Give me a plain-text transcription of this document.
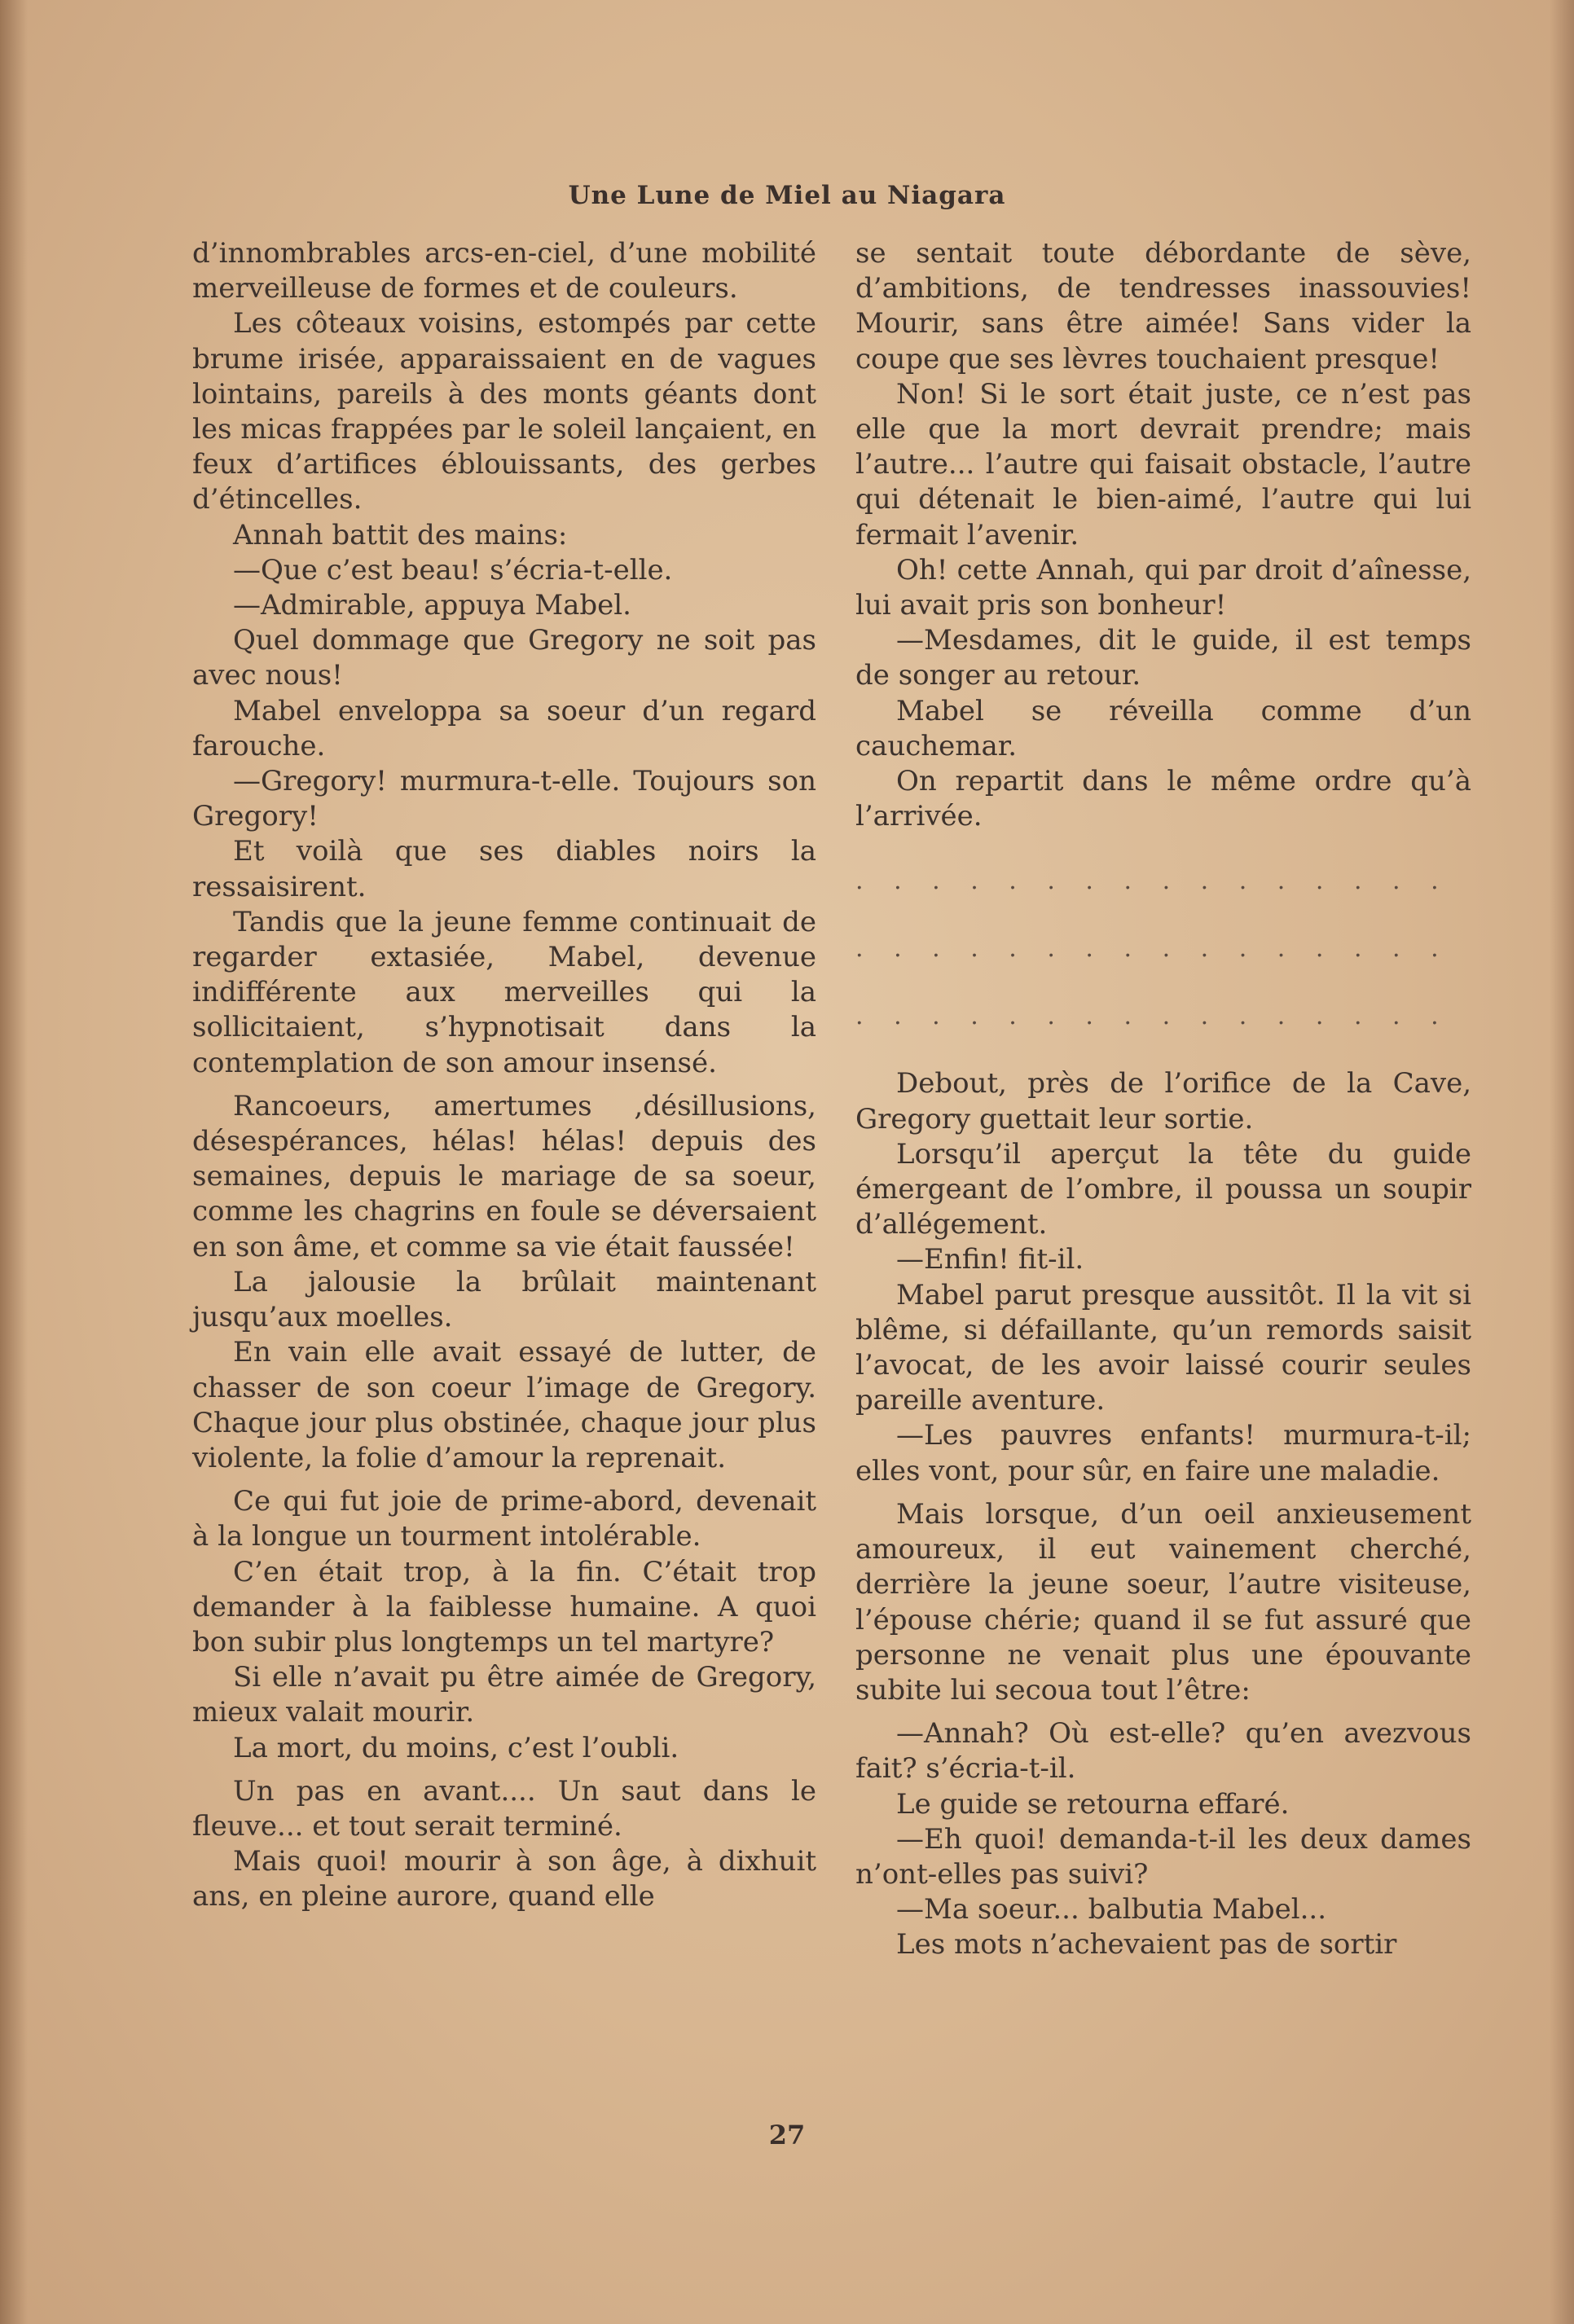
Une Lune de Miel au Niagara

d’innombrables arcs-en-ciel, d’une mobilité merveilleuse de formes et de couleurs.

Les côteaux voisins, estompés par cette brume irisée, apparaissaient en de vagues lointains, pareils à des monts géants dont les micas frappées par le soleil lançaient, en feux d’artifices éblouissants, des gerbes d’étincelles.

Annah battit des mains:

—Que c’est beau! s’écria-t-elle.

—Admirable, appuya Mabel.

Quel dommage que Gregory ne soit pas avec nous!

Mabel enveloppa sa soeur d’un regard farouche.

—Gregory! murmura-t-elle. Toujours son Gregory!

Et voilà que ses diables noirs la ressaisirent.

Tandis que la jeune femme continuait de regarder extasiée, Mabel, devenue indifférente aux merveilles qui la sollicitaient, s’hypnotisait dans la contemplation de son amour insensé.

Rancoeurs, amertumes ,désillusions, désespérances, hélas! hélas! depuis des semaines, depuis le mariage de sa soeur, comme les chagrins en foule se déversaient en son âme, et comme sa vie était faussée!

La jalousie la brûlait maintenant jusqu’aux moelles.

En vain elle avait essayé de lutter, de chasser de son coeur l’image de Gregory. Chaque jour plus obstinée, chaque jour plus violente, la folie d’amour la reprenait.

Ce qui fut joie de prime-abord, devenait à la longue un tourment intolérable.

C’en était trop, à la fin. C’était trop demander à la faiblesse humaine. A quoi bon subir plus longtemps un tel martyre?

Si elle n’avait pu être aimée de Gregory, mieux valait mourir.

La mort, du moins, c’est l’oubli.

Un pas en avant.... Un saut dans le fleuve... et tout serait terminé.

Mais quoi! mourir à son âge, à dixhuit ans, en pleine aurore, quand elle

se sentait toute débordante de sève, d’ambitions, de tendresses inassouvies! Mourir, sans être aimée! Sans vider la coupe que ses lèvres touchaient presque!

Non! Si le sort était juste, ce n’est pas elle que la mort devrait prendre; mais l’autre... l’autre qui faisait obstacle, l’autre qui détenait le bien-aimé, l’autre qui lui fermait l’avenir.

Oh! cette Annah, qui par droit d’aînesse, lui avait pris son bonheur!

—Mesdames, dit le guide, il est temps de songer au retour.

Mabel se réveilla comme d’un cauchemar.

On repartit dans le même ordre qu’à l’arrivée.

. . . . . . . . . . . . . . . .
. . . . . . . . . . . . . . . .
. . . . . . . . . . . . . . . .

Debout, près de l’orifice de la Cave, Gregory guettait leur sortie.

Lorsqu’il aperçut la tête du guide émergeant de l’ombre, il poussa un soupir d’allégement.

—Enfin! fit-il.

Mabel parut presque aussitôt. Il la vit si blême, si défaillante, qu’un remords saisit l’avocat, de les avoir laissé courir seules pareille aventure.

—Les pauvres enfants! murmura-t-il; elles vont, pour sûr, en faire une maladie.

Mais lorsque, d’un oeil anxieusement amoureux, il eut vainement cherché, derrière la jeune soeur, l’autre visiteuse, l’épouse chérie; quand il se fut assuré que personne ne venait plus une épouvante subite lui secoua tout l’être:

—Annah? Où est-elle? qu’en avezvous fait? s’écria-t-il.

Le guide se retourna effaré.

—Eh quoi! demanda-t-il les deux dames n’ont-elles pas suivi?

—Ma soeur... balbutia Mabel...

Les mots n’achevaient pas de sortir

27
